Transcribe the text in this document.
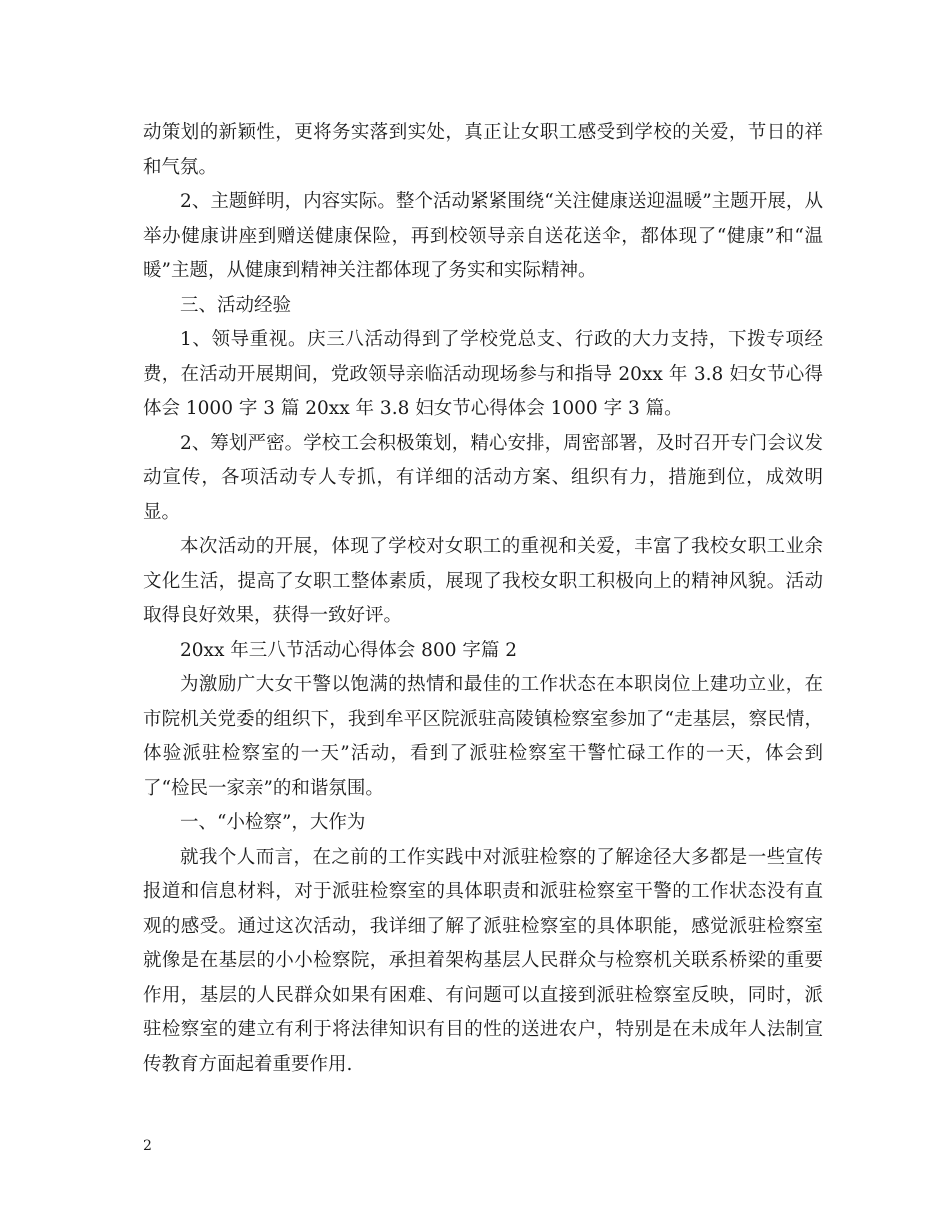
动策划的新颖性，更将务实落到实处，真正让女职工感受到学校的关爱，节日的祥和气氛。

2、主题鲜明，内容实际。整个活动紧紧围绕“关注健康送迎温暖”主题开展，从举办健康讲座到赠送健康保险，再到校领导亲自送花送伞，都体现了“健康”和“温暖”主题，从健康到精神关注都体现了务实和实际精神。

三、活动经验

1、领导重视。庆三八活动得到了学校党总支、行政的大力支持，下拨专项经费，在活动开展期间，党政领导亲临活动现场参与和指导 20xx 年 3.8 妇女节心得体会 1000 字 3 篇 20xx 年 3.8 妇女节心得体会 1000 字 3 篇。

2、筹划严密。学校工会积极策划，精心安排，周密部署，及时召开专门会议发动宣传，各项活动专人专抓，有详细的活动方案、组织有力，措施到位，成效明显。

本次活动的开展，体现了学校对女职工的重视和关爱，丰富了我校女职工业余文化生活，提高了女职工整体素质，展现了我校女职工积极向上的精神风貌。活动取得良好效果，获得一致好评。

20xx 年三八节活动心得体会 800 字篇 2

为激励广大女干警以饱满的热情和最佳的工作状态在本职岗位上建功立业，在市院机关党委的组织下，我到牟平区院派驻高陵镇检察室参加了“走基层，察民情，体验派驻检察室的一天”活动，看到了派驻检察室干警忙碌工作的一天，体会到了“检民一家亲”的和谐氛围。

一、“小检察”，大作为

就我个人而言，在之前的工作实践中对派驻检察的了解途径大多都是一些宣传报道和信息材料，对于派驻检察室的具体职责和派驻检察室干警的工作状态没有直观的感受。通过这次活动，我详细了解了派驻检察室的具体职能，感觉派驻检察室就像是在基层的小小检察院，承担着架构基层人民群众与检察机关联系桥梁的重要作用，基层的人民群众如果有困难、有问题可以直接到派驻检察室反映，同时，派驻检察室的建立有利于将法律知识有目的性的送进农户，特别是在未成年人法制宣传教育方面起着重要作用.

2
